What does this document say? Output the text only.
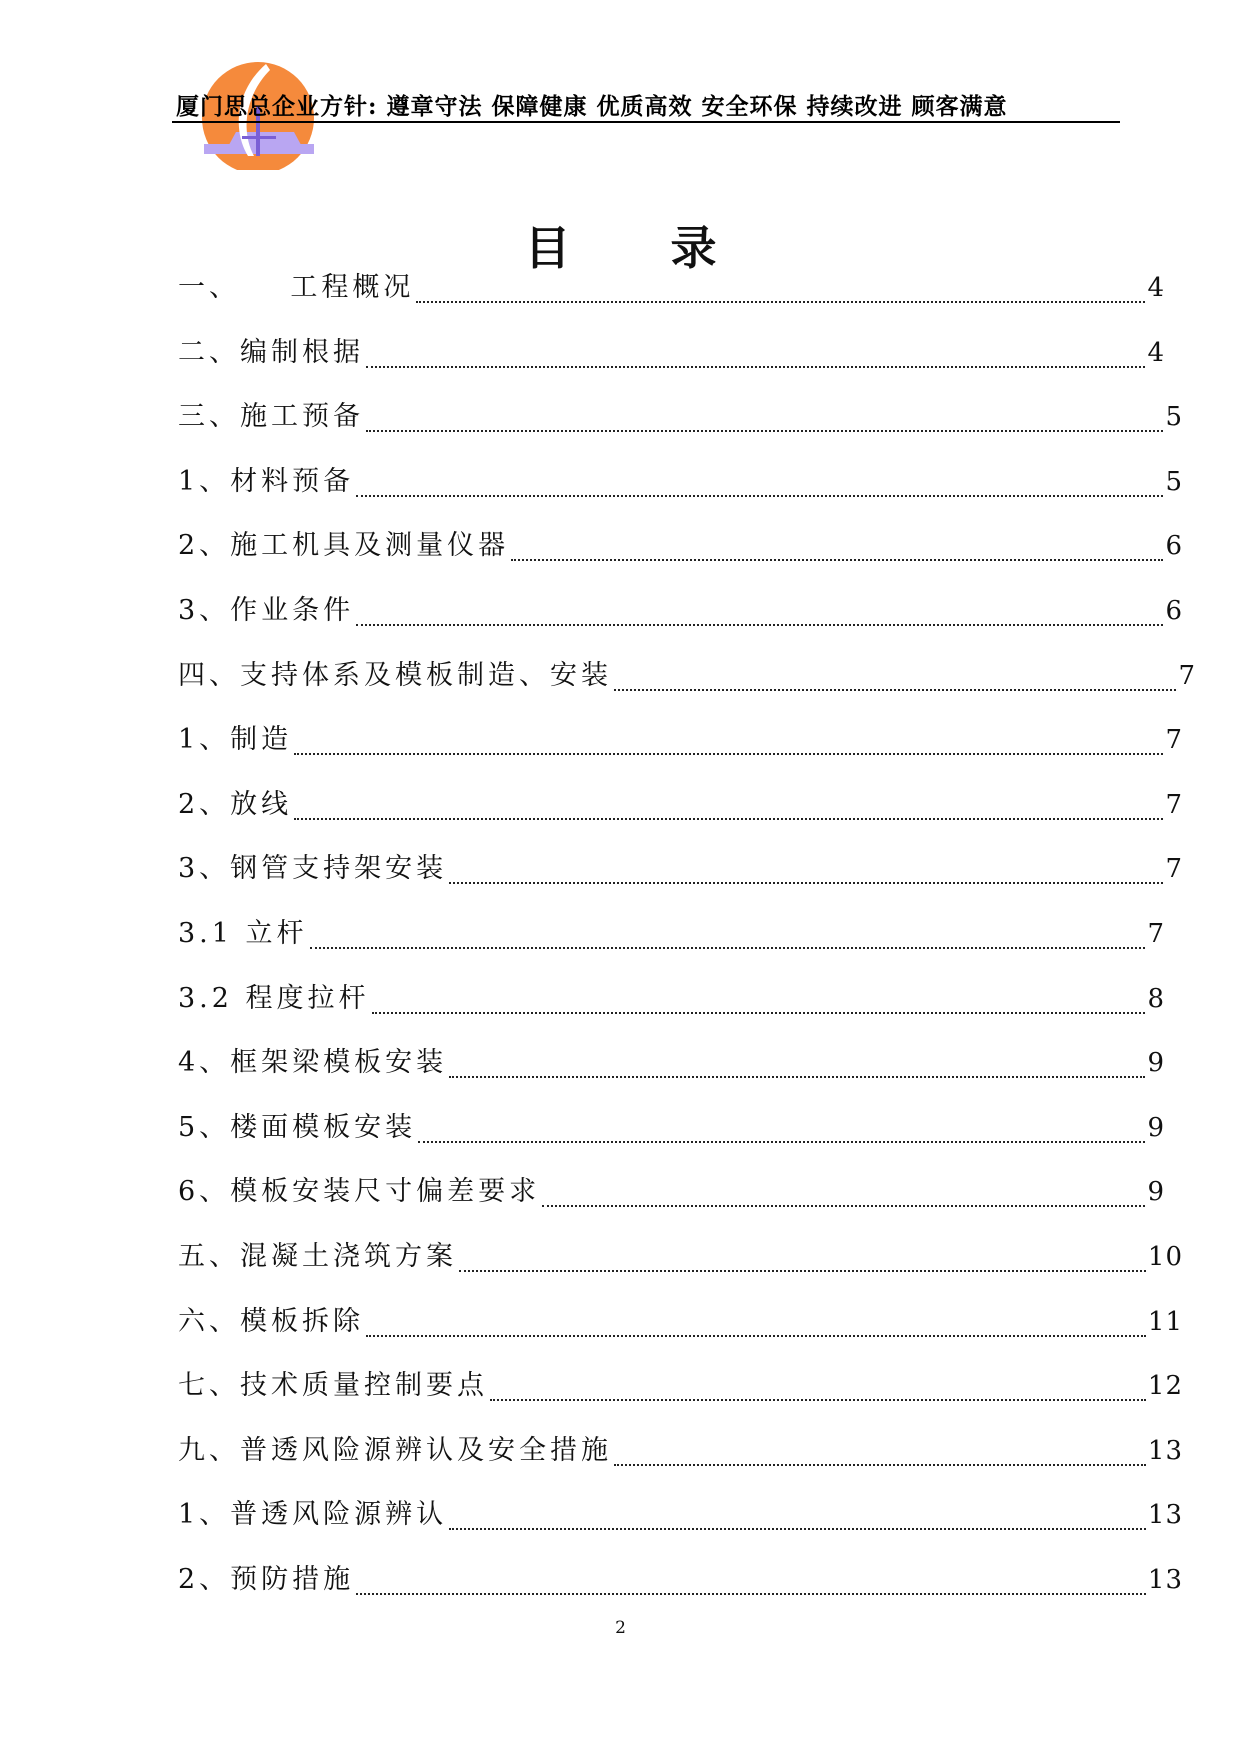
厦门思总企业方针: 遵章守法 保障健康 优质高效 安全环保 持续改进 顾客满意
目 录
一、    工程概况	4
二、编制根据	4
三、施工预备	5
1、材料预备	5
2、施工机具及测量仪器	6
3、作业条件	6
四、支持体系及模板制造、安装	7
1、制造	7
2、放线	7
3、钢管支持架安装	7
3.1 立杆	7
3.2 程度拉杆	8
4、框架梁模板安装	9
5、楼面模板安装	9
6、模板安装尺寸偏差要求	9
五、混凝土浇筑方案	10
六、模板拆除	11
七、技术质量控制要点	12
九、普透风险源辨认及安全措施	13
1、普透风险源辨认	13
2、预防措施	13
2
